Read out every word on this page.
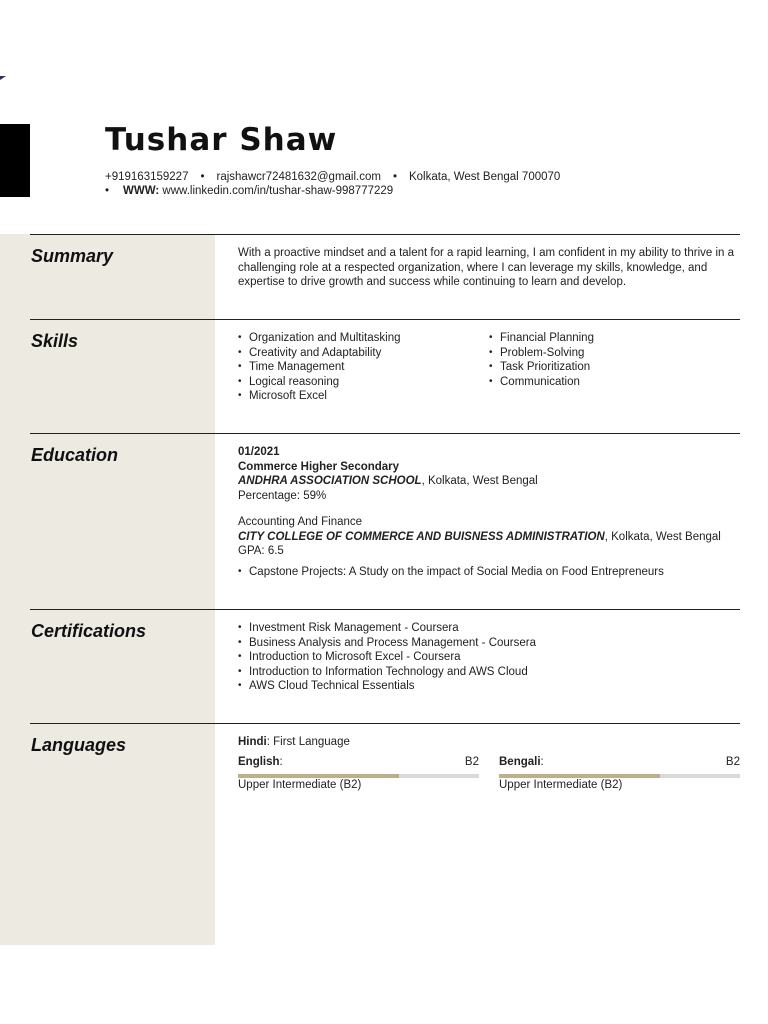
Tushar Shaw
+919163159227 • rajshawcr72481632@gmail.com • Kolkata, West Bengal 700070
• WWW: www.linkedin.com/in/tushar-shaw-998777229
Summary	With a proactive mindset and a talent for a rapid learning, I am confident in my ability to thrive in a challenging role at a respected organization, where I can leverage my skills, knowledge, and expertise to drive growth and success while continuing to learn and develop.
Skills	• Organization and Multitasking
• Creativity and Adaptability
• Time Management
• Logical reasoning
• Microsoft Excel
• Financial Planning
• Problem-Solving
• Task Prioritization
• Communication
Education	01/2021
Commerce Higher Secondary
ANDHRA ASSOCIATION SCHOOL, Kolkata, West Bengal
Percentage: 59%
Accounting And Finance
CITY COLLEGE OF COMMERCE AND BUISNESS ADMINISTRATION, Kolkata, West Bengal
GPA: 6.5
• Capstone Projects: A Study on the impact of Social Media on Food Entrepreneurs
Certifications	• Investment Risk Management - Coursera
• Business Analysis and Process Management - Coursera
• Introduction to Microsoft Excel - Coursera
• Introduction to Information Technology and AWS Cloud
• AWS Cloud Technical Essentials
Languages	Hindi: First Language
English:	B2
Upper Intermediate (B2)
Bengali:	B2
Upper Intermediate (B2)
